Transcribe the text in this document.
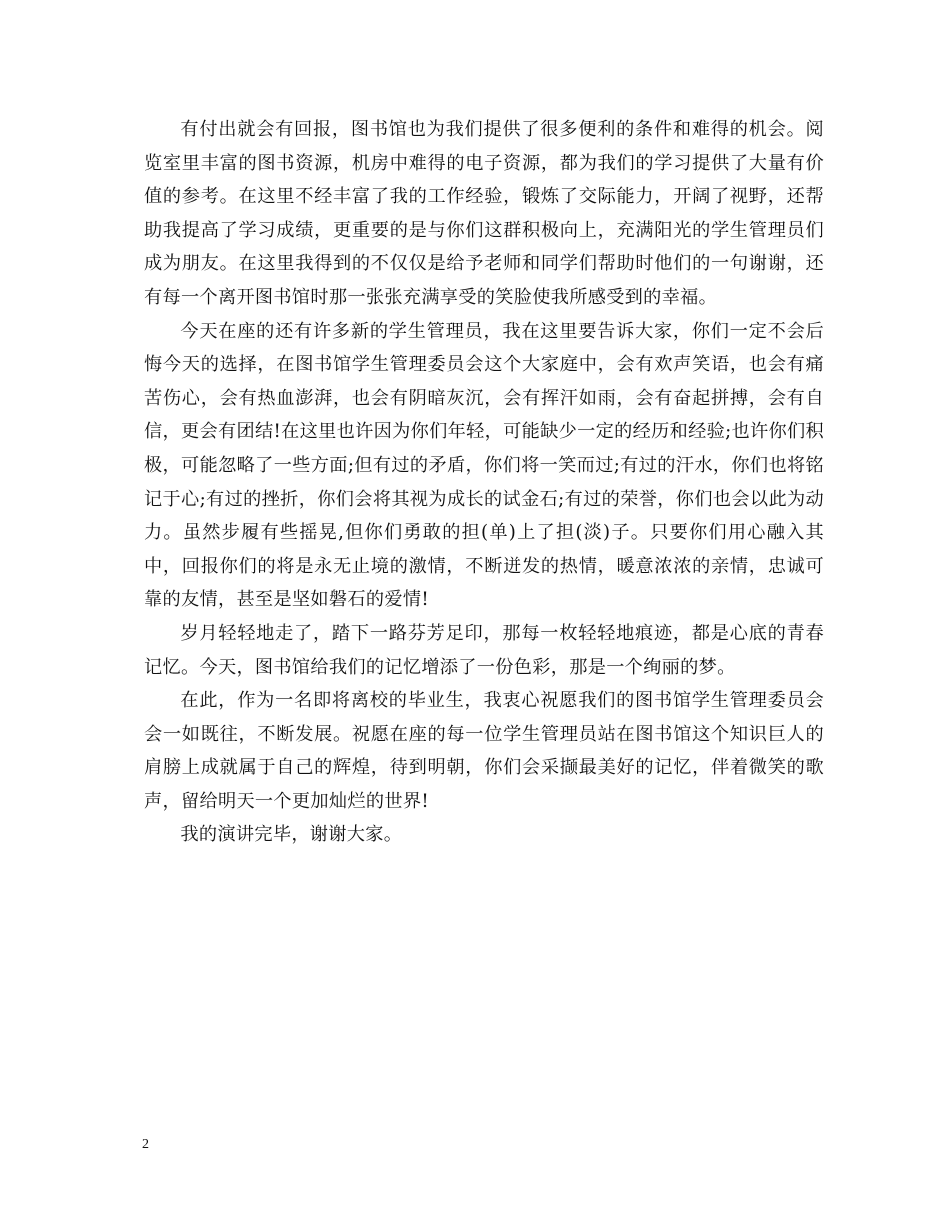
有付出就会有回报，图书馆也为我们提供了很多便利的条件和难得的机会。阅览室里丰富的图书资源，机房中难得的电子资源，都为我们的学习提供了大量有价值的参考。在这里不经丰富了我的工作经验，锻炼了交际能力，开阔了视野，还帮助我提高了学习成绩，更重要的是与你们这群积极向上，充满阳光的学生管理员们成为朋友。在这里我得到的不仅仅是给予老师和同学们帮助时他们的一句谢谢，还有每一个离开图书馆时那一张张充满享受的笑脸使我所感受到的幸福。

今天在座的还有许多新的学生管理员，我在这里要告诉大家，你们一定不会后悔今天的选择，在图书馆学生管理委员会这个大家庭中，会有欢声笑语，也会有痛苦伤心，会有热血澎湃，也会有阴暗灰沉，会有挥汗如雨，会有奋起拼搏，会有自信，更会有团结!在这里也许因为你们年轻，可能缺少一定的经历和经验;也许你们积极，可能忽略了一些方面;但有过的矛盾，你们将一笑而过;有过的汗水，你们也将铭记于心;有过的挫折，你们会将其视为成长的试金石;有过的荣誉，你们也会以此为动力。虽然步履有些摇晃,但你们勇敢的担(单)上了担(淡)子。只要你们用心融入其中，回报你们的将是永无止境的激情，不断迸发的热情，暖意浓浓的亲情，忠诚可靠的友情，甚至是坚如磐石的爱情!

岁月轻轻地走了，踏下一路芬芳足印，那每一枚轻轻地痕迹，都是心底的青春记忆。今天，图书馆给我们的记忆增添了一份色彩，那是一个绚丽的梦。

在此，作为一名即将离校的毕业生，我衷心祝愿我们的图书馆学生管理委员会会一如既往，不断发展。祝愿在座的每一位学生管理员站在图书馆这个知识巨人的肩膀上成就属于自己的辉煌，待到明朝，你们会采撷最美好的记忆，伴着微笑的歌声，留给明天一个更加灿烂的世界!

我的演讲完毕，谢谢大家。

2
